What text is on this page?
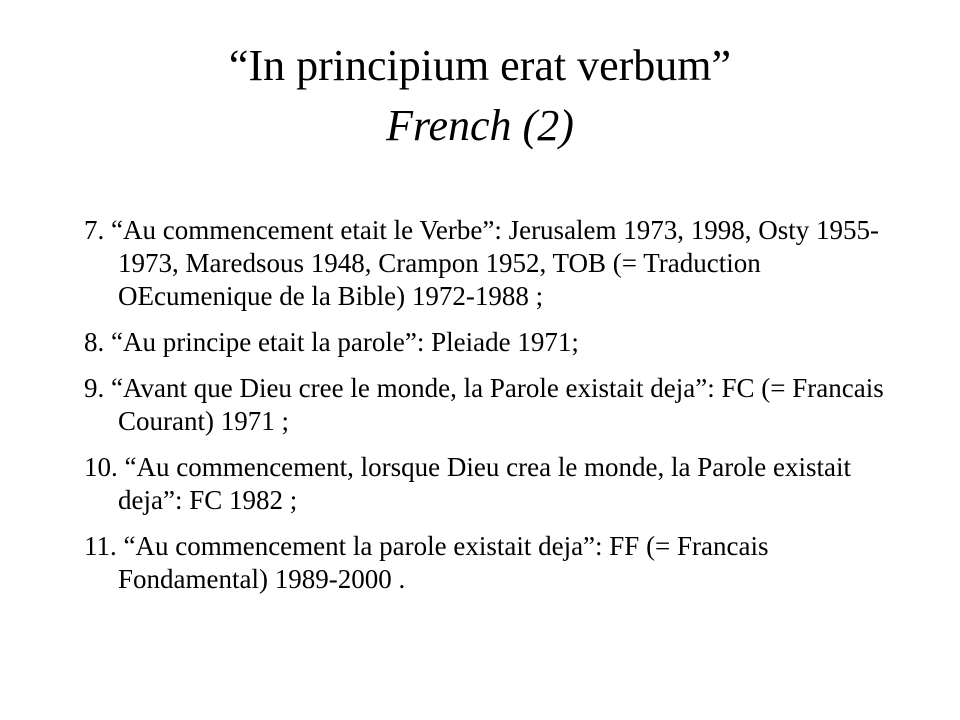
“In principium erat verbum”
French (2)
7. “Au commencement etait le Verbe”: Jerusalem 1973, 1998, Osty 1955-1973, Maredsous 1948, Crampon 1952, TOB (= Traduction OEcumenique de la Bible) 1972-1988 ;
8. “Au principe etait la parole”: Pleiade 1971;
9. “Avant que Dieu cree le monde, la Parole existait deja”: FC (= Francais Courant) 1971 ;
10. “Au commencement, lorsque Dieu crea le monde, la Parole existait deja”: FC 1982 ;
11. “Au commencement la parole existait deja”: FF (= Francais Fondamental) 1989-2000 .
